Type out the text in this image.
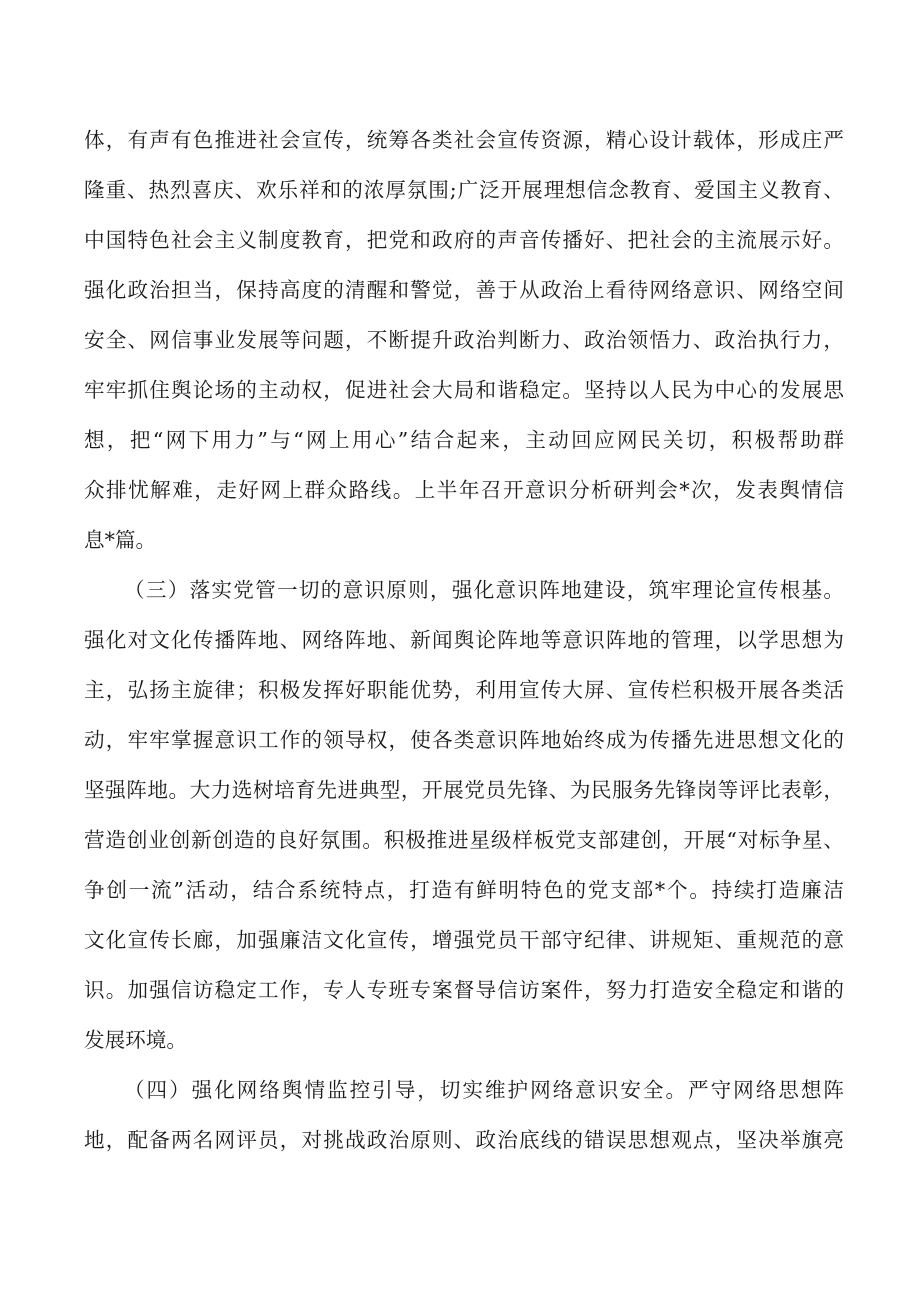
体，有声有色推进社会宣传，统筹各类社会宣传资源，精心设计载体，形成庄严
隆重、热烈喜庆、欢乐祥和的浓厚氛围;广泛开展理想信念教育、爱国主义教育、
中国特色社会主义制度教育，把党和政府的声音传播好、把社会的主流展示好。
强化政治担当，保持高度的清醒和警觉，善于从政治上看待网络意识、网络空间
安全、网信事业发展等问题，不断提升政治判断力、政治领悟力、政治执行力，
牢牢抓住舆论场的主动权，促进社会大局和谐稳定。坚持以人民为中心的发展思
想，把“网下用力”与“网上用心”结合起来，主动回应网民关切，积极帮助群
众排忧解难，走好网上群众路线。上半年召开意识分析研判会*次，发表舆情信
息*篇。
（三）落实党管一切的意识原则，强化意识阵地建设，筑牢理论宣传根基。
强化对文化传播阵地、网络阵地、新闻舆论阵地等意识阵地的管理，以学思想为
主，弘扬主旋律；积极发挥好职能优势，利用宣传大屏、宣传栏积极开展各类活
动，牢牢掌握意识工作的领导权，使各类意识阵地始终成为传播先进思想文化的
坚强阵地。大力选树培育先进典型，开展党员先锋、为民服务先锋岗等评比表彰，
营造创业创新创造的良好氛围。积极推进星级样板党支部建创，开展“对标争星、
争创一流”活动，结合系统特点，打造有鲜明特色的党支部*个。持续打造廉洁
文化宣传长廊，加强廉洁文化宣传，增强党员干部守纪律、讲规矩、重规范的意
识。加强信访稳定工作，专人专班专案督导信访案件，努力打造安全稳定和谐的
发展环境。
（四）强化网络舆情监控引导，切实维护网络意识安全。严守网络思想阵
地，配备两名网评员，对挑战政治原则、政治底线的错误思想观点，坚决举旗亮
